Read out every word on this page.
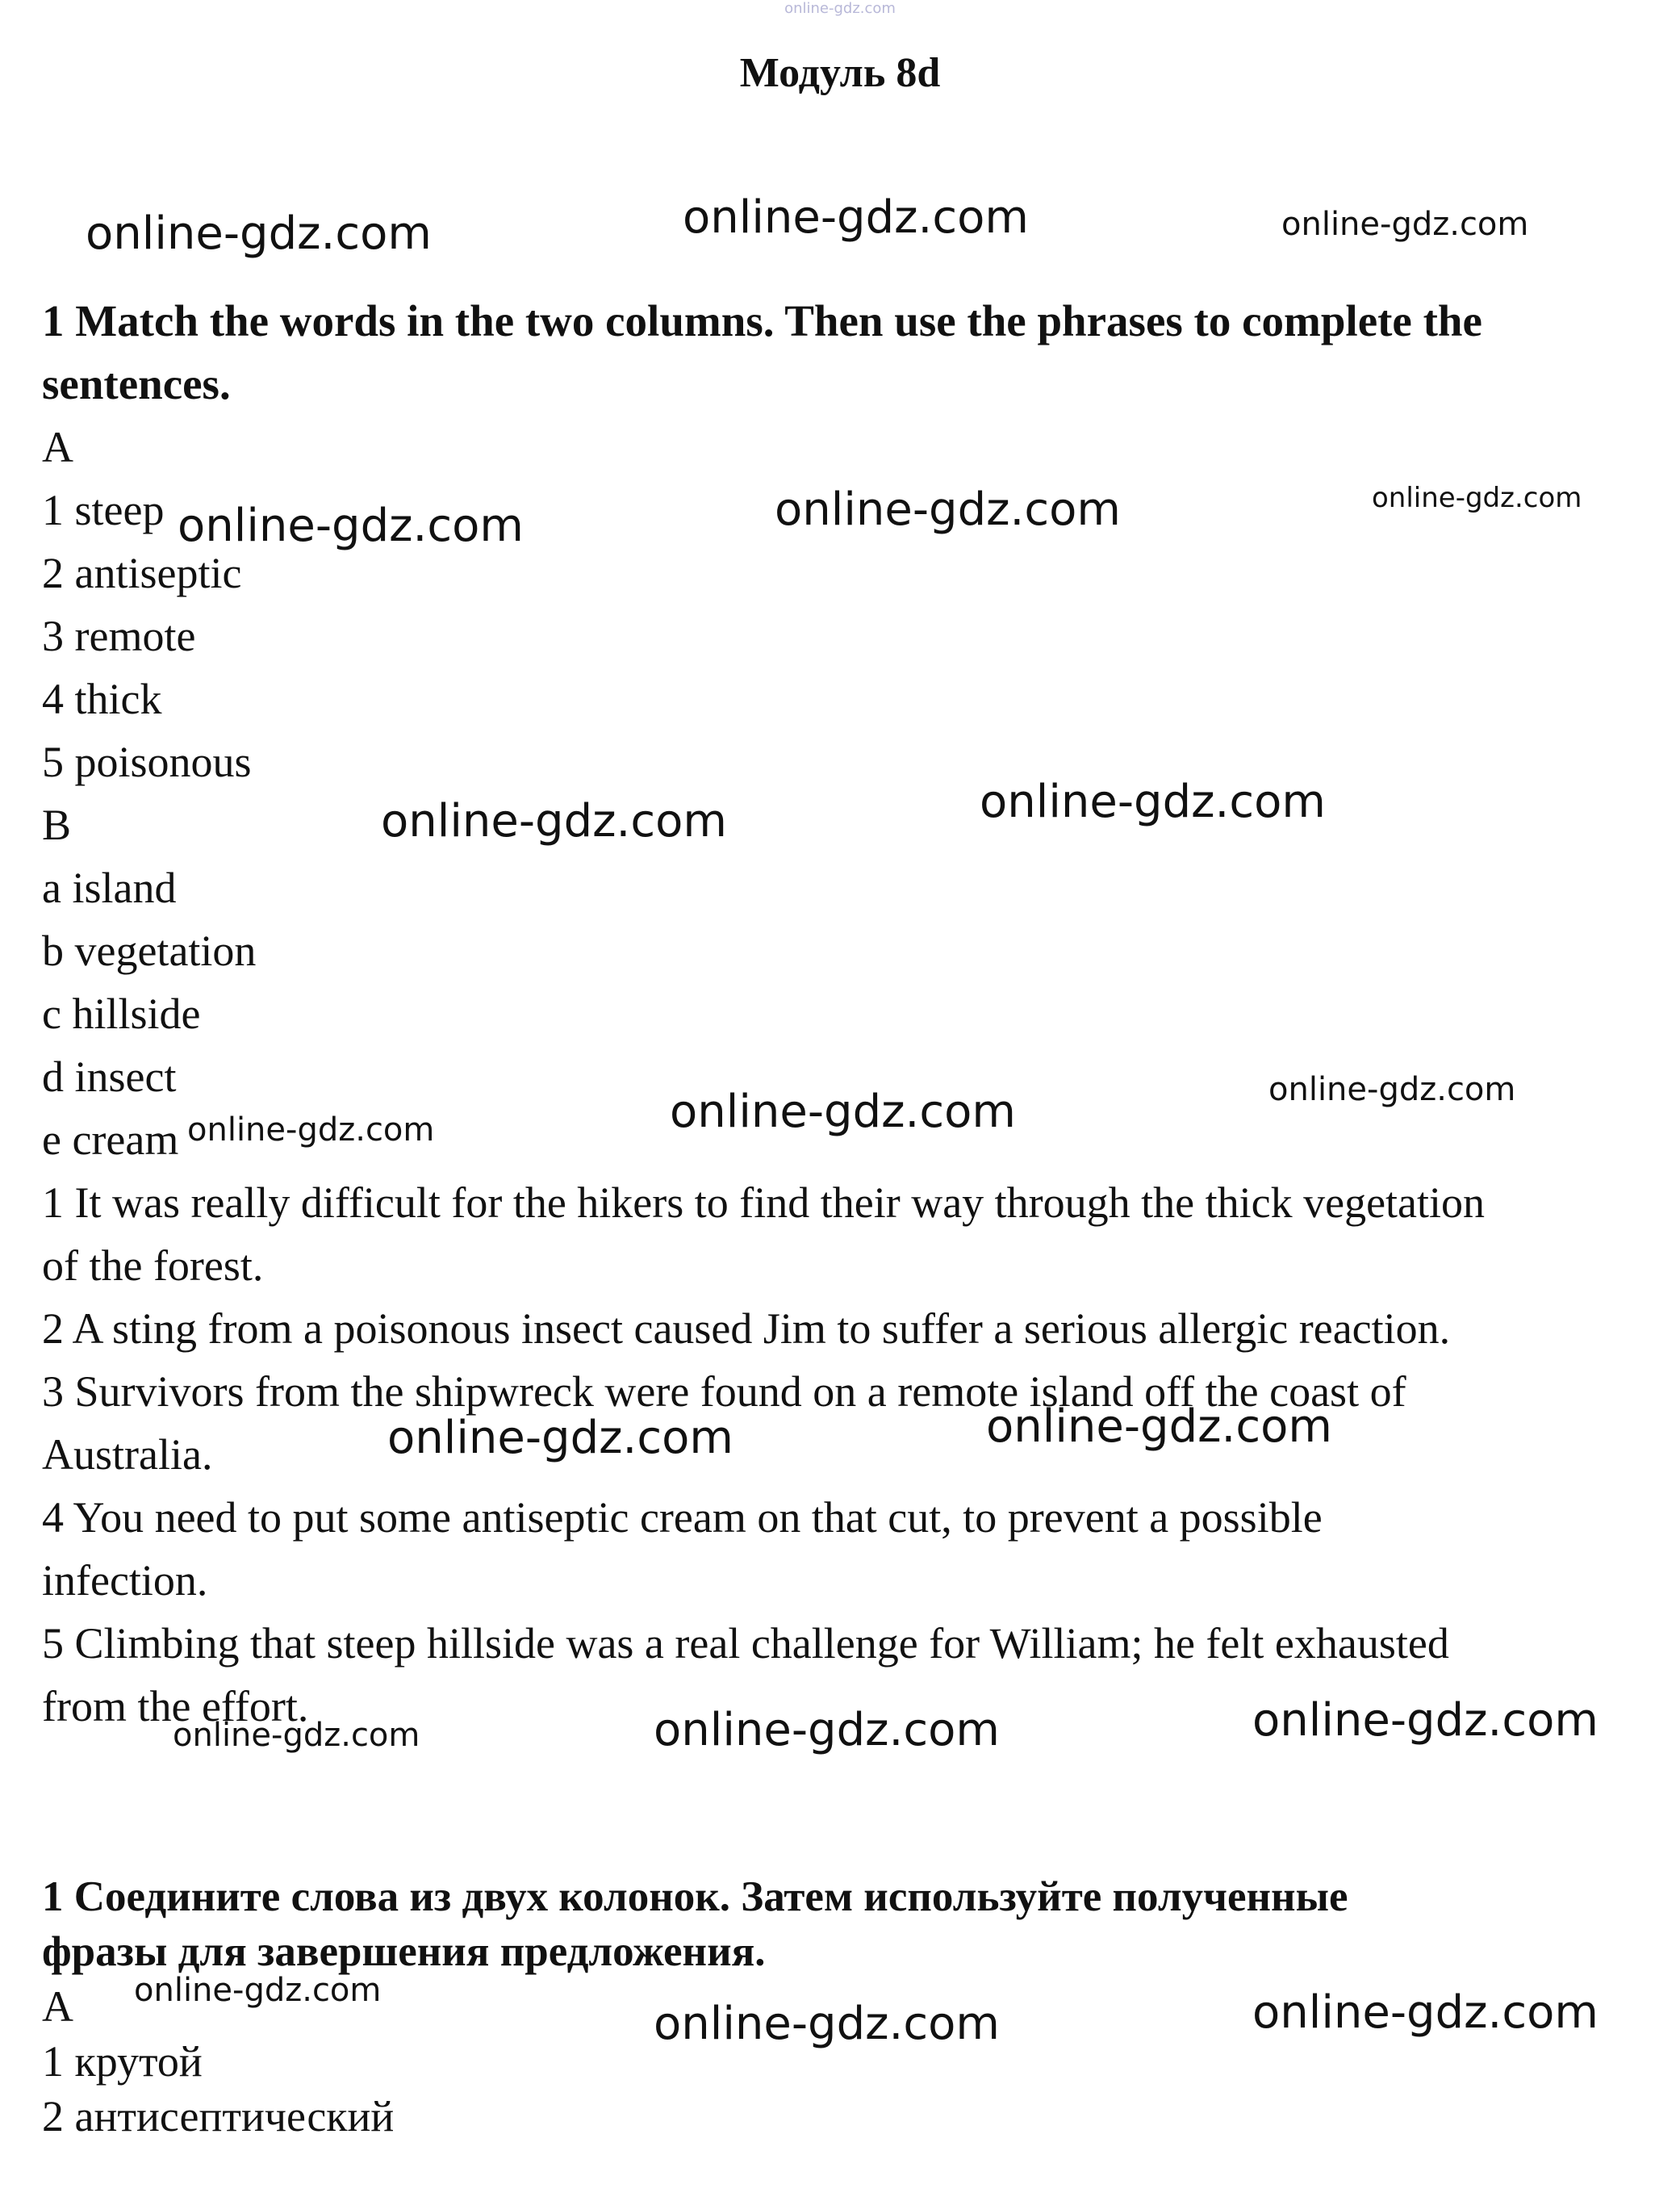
online-gdz.com
Модуль 8d
1 Match the words in the two columns. Then use the phrases to complete the
sentences.
A
1 steep
2 antiseptic
3 remote
4 thick
5 poisonous
B
a island
b vegetation
c hillside
d insect
e cream
1 It was really difficult for the hikers to find their way through the thick vegetation
of the forest.
2 A sting from a poisonous insect caused Jim to suffer a serious allergic reaction.
3 Survivors from the shipwreck were found on a remote island off the coast of
Australia.
4 You need to put some antiseptic cream on that cut, to prevent a possible
infection.
5 Climbing that steep hillside was a real challenge for William; he felt exhausted
from the effort.
1 Соедините слова из двух колонок. Затем используйте полученные
фразы для завершения предложения.
А
1 крутой
2 антисептический
online-gdz.com	online-gdz.com	online-gdz.com
online-gdz.com	online-gdz.com	online-gdz.com
online-gdz.com	online-gdz.com
online-gdz.com	online-gdz.com	online-gdz.com
online-gdz.com	online-gdz.com
online-gdz.com	online-gdz.com	online-gdz.com
online-gdz.com
online-gdz.com	online-gdz.com
